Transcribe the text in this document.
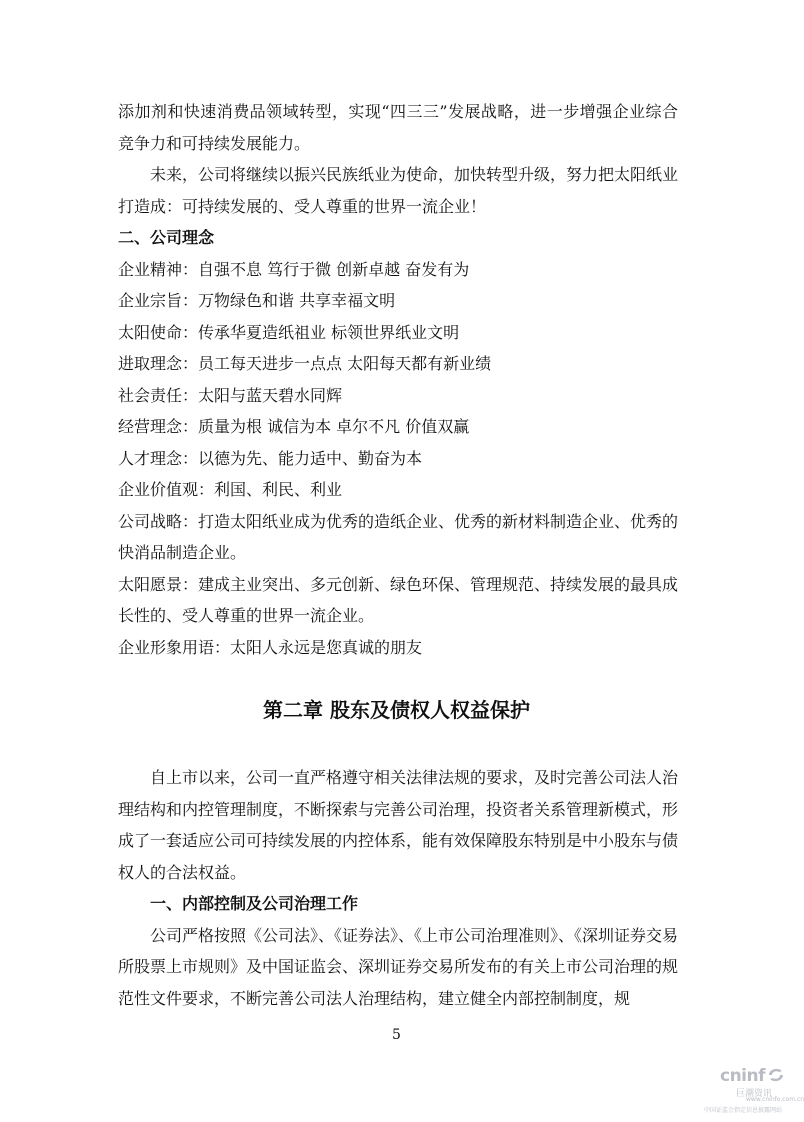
添加剂和快速消费品领域转型，实现“四三三”发展战略，进一步增强企业综合竞争力和可持续发展能力。

未来，公司将继续以振兴民族纸业为使命，加快转型升级，努力把太阳纸业打造成：可持续发展的、受人尊重的世界一流企业！

二、公司理念

企业精神：自强不息 笃行于微 创新卓越 奋发有为

企业宗旨：万物绿色和谐 共享幸福文明

太阳使命：传承华夏造纸祖业 标领世界纸业文明

进取理念：员工每天进步一点点 太阳每天都有新业绩

社会责任：太阳与蓝天碧水同辉

经营理念：质量为根 诚信为本 卓尔不凡 价值双赢

人才理念：以德为先、能力适中、勤奋为本

企业价值观：利国、利民、利业

公司战略：打造太阳纸业成为优秀的造纸企业、优秀的新材料制造企业、优秀的快消品制造企业。

太阳愿景：建成主业突出、多元创新、绿色环保、管理规范、持续发展的最具成长性的、受人尊重的世界一流企业。

企业形象用语：太阳人永远是您真诚的朋友

第二章 股东及债权人权益保护

自上市以来，公司一直严格遵守相关法律法规的要求，及时完善公司法人治理结构和内控管理制度，不断探索与完善公司治理，投资者关系管理新模式，形成了一套适应公司可持续发展的内控体系，能有效保障股东特别是中小股东与债权人的合法权益。

一、内部控制及公司治理工作

公司严格按照《公司法》、《证券法》、《上市公司治理准则》、《深圳证券交易所股票上市规则》及中国证监会、深圳证券交易所发布的有关上市公司治理的规范性文件要求，不断完善公司法人治理结构，建立健全内部控制制度，规

5
cninf
巨潮资讯
www.cninfo.com.cn
中国证监会指定信息披露网站
